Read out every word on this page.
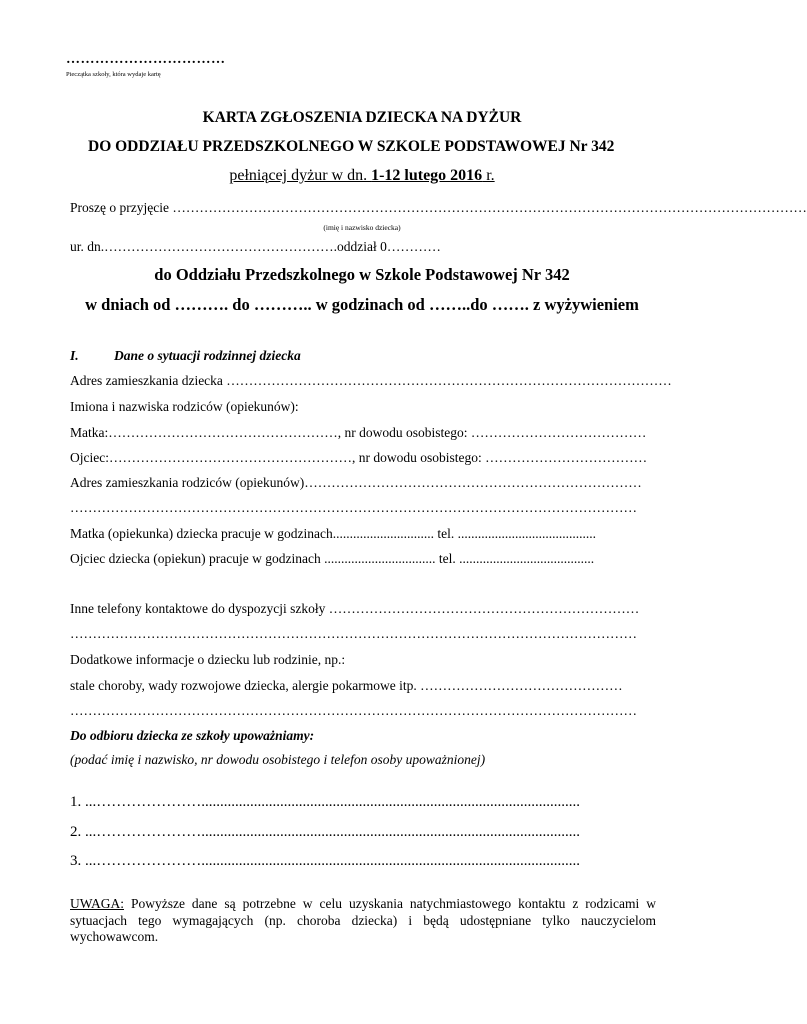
……………………………
Pieczątka szkoły, która wydaje kartę
KARTA ZGŁOSZENIA DZIECKA NA DYŻUR
DO ODDZIAŁU PRZEDSZKOLNEGO W SZKOLE PODSTAWOWEJ Nr 342
pełniącej dyżur w dn. 1-12 lutego 2016 r.
Proszę o przyjęcie ……………………………………………………………………………………………………………………………
(imię i nazwisko dziecka)
ur. dn.…………………………………………….oddział 0…………
do Oddziału Przedszkolnego w Szkole Podstawowej Nr 342
w dniach od ………. do ……….. w godzinach od ……..do ……. z wyżywieniem
I.	Dane o sytuacji rodzinnej dziecka
Adres zamieszkania dziecka ………………………………………………………………………………………
Imiona i nazwiska rodziców (opiekunów):
Matka:……………………………………………, nr dowodu osobistego: …………………………………
Ojciec:………………………………………………, nr dowodu osobistego: ………………………………
Adres zamieszkania rodziców (opiekunów)…………………………………………………………………
………………………………………………………………………………………………………………
Matka (opiekunka) dziecka pracuje w godzinach.............................. tel. .........................................
Ojciec dziecka (opiekun) pracuje w godzinach ................................. tel. ........................................
Inne telefony kontaktowe do dyspozycji szkoły ……………………………………………………………
………………………………………………………………………………………………………………
Dodatkowe informacje o dziecku lub rodzinie, np.:
stale choroby, wady rozwojowe dziecka, alergie pokarmowe itp. ………………………………………
………………………………………………………………………………………………………………
Do odbioru dziecka ze szkoły upoważniamy:
(podać imię i nazwisko, nr dowodu osobistego i telefon osoby upoważnionej)
1. ...………………….....................................................................................................
2. ...………………….....................................................................................................
3. ...………………….....................................................................................................
UWAGA: Powyższe dane są potrzebne w celu uzyskania natychmiastowego kontaktu z rodzicami w sytuacjach tego wymagających (np. choroba dziecka) i będą udostępniane tylko nauczycielom wychowawcom.
